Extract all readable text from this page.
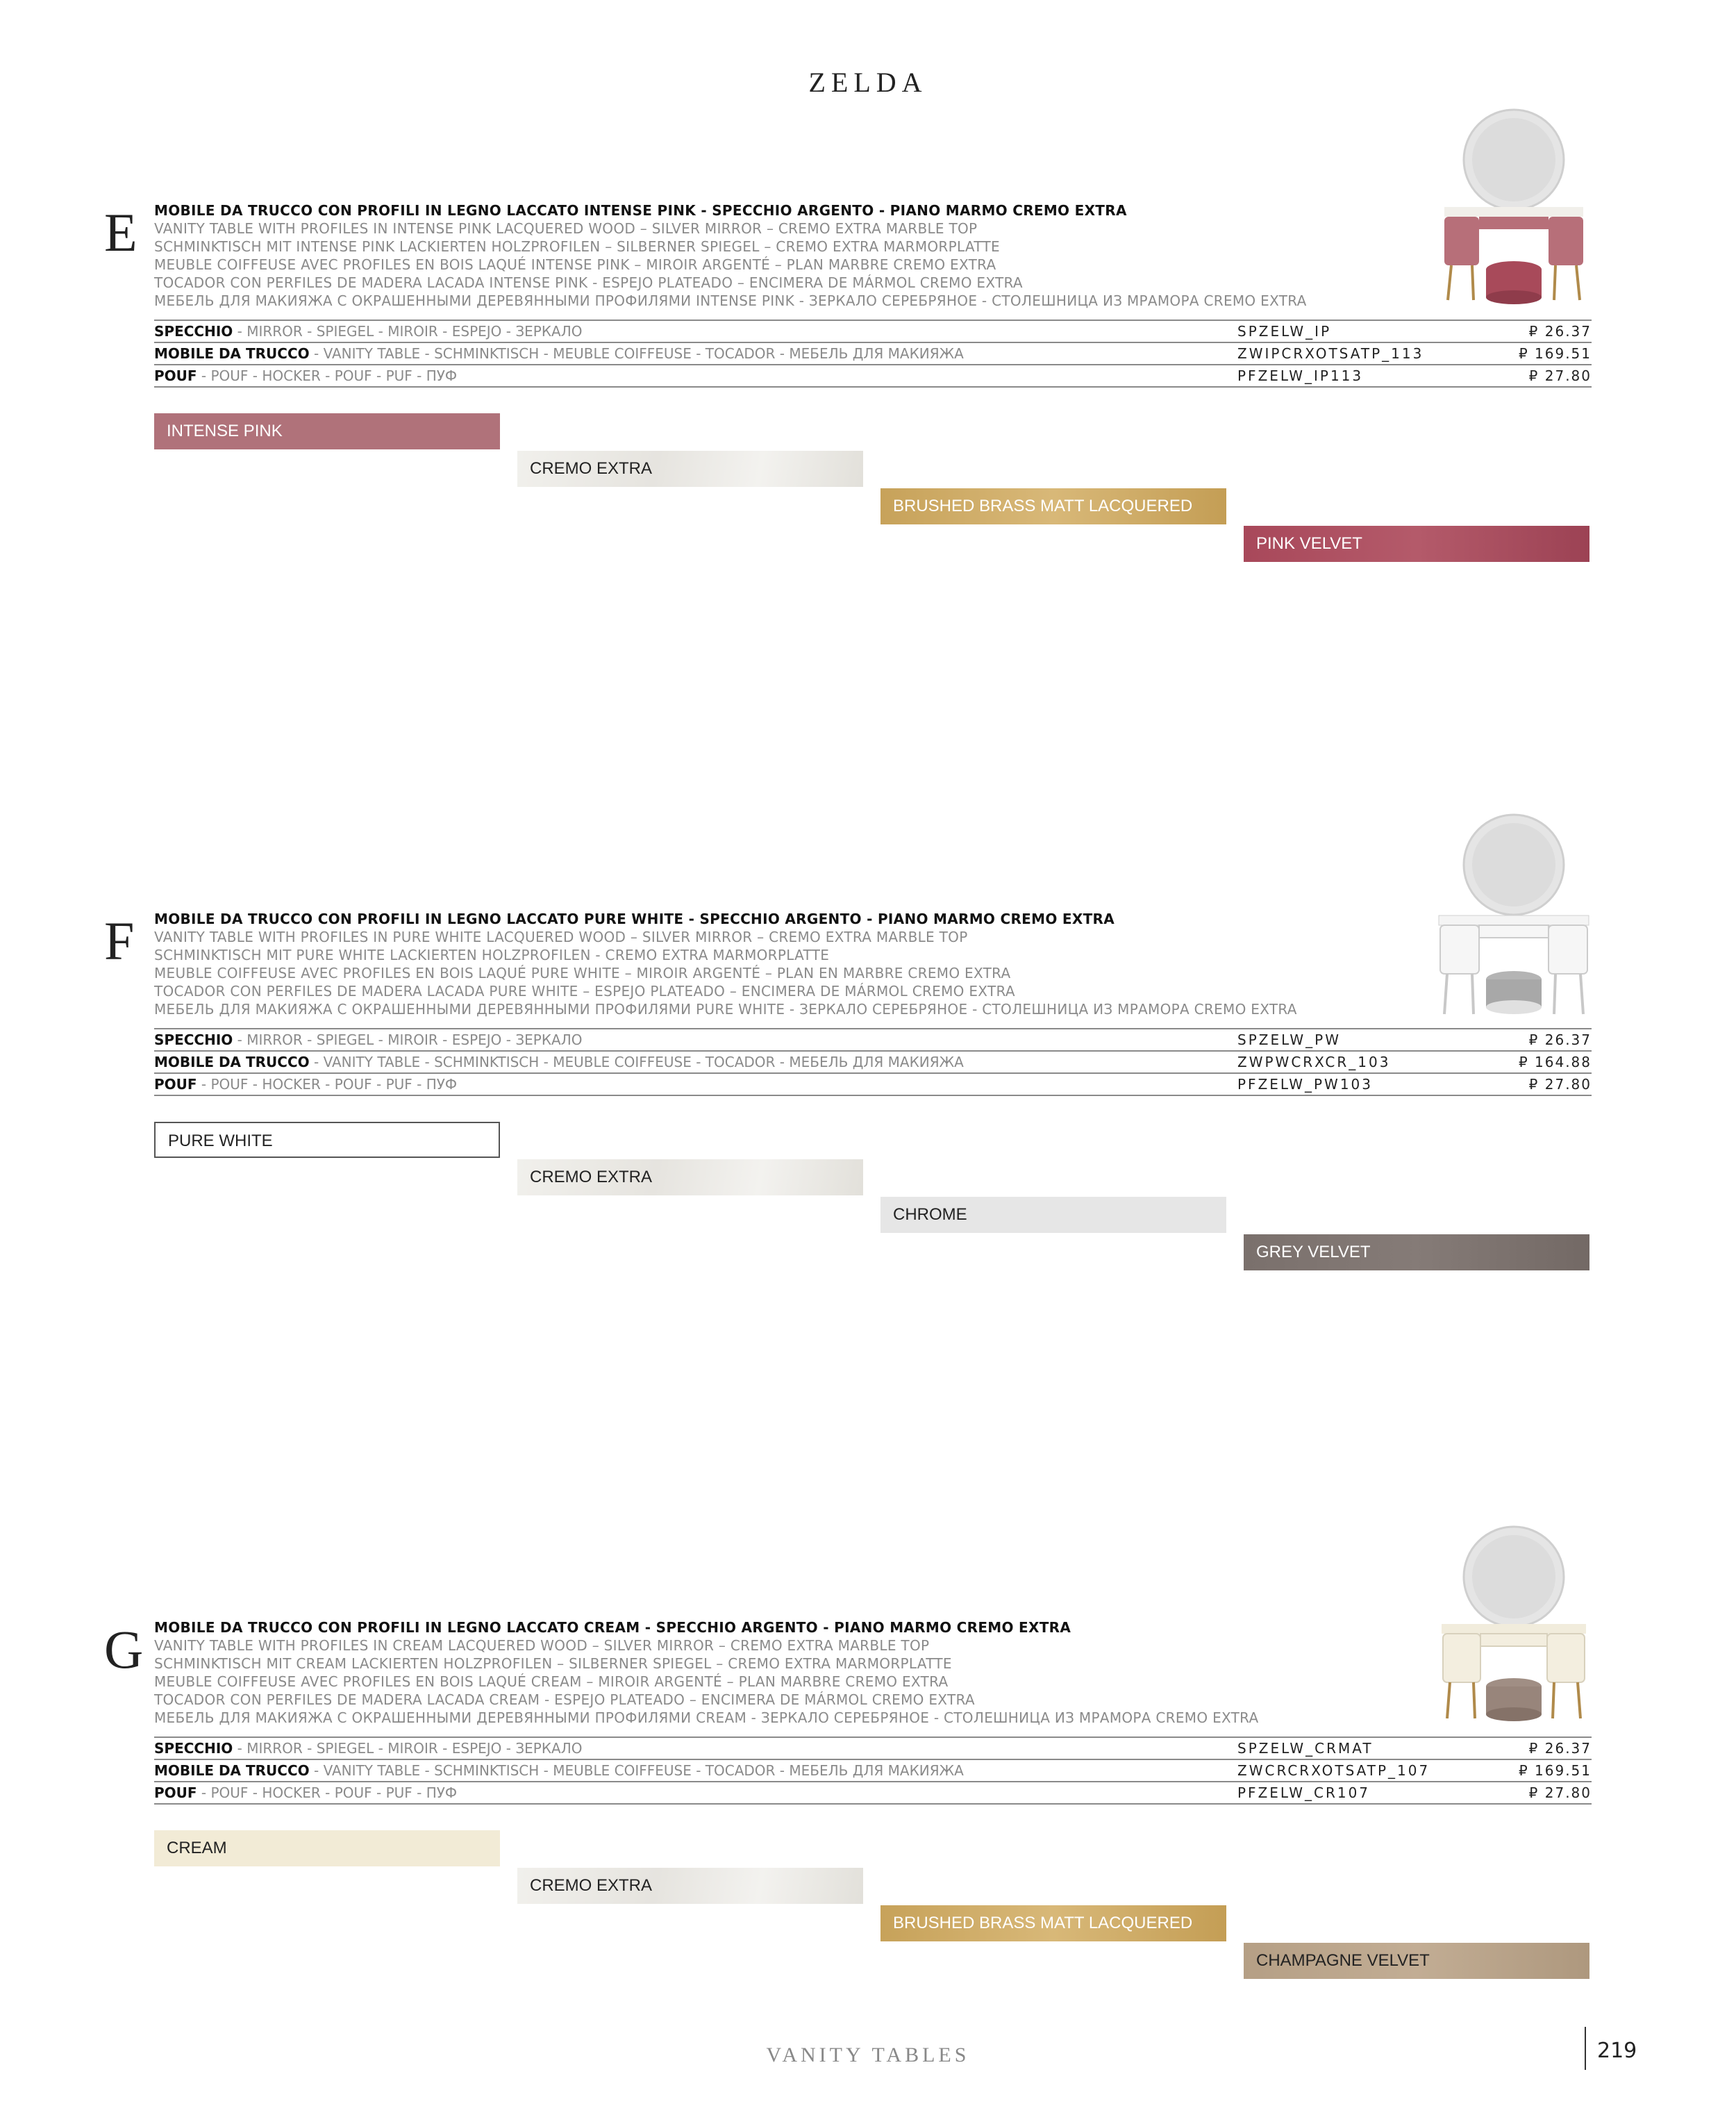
ZELDA
E	MOBILE DA TRUCCO CON PROFILI IN LEGNO LACCATO INTENSE PINK - SPECCHIO ARGENTO - PIANO MARMO CREMO EXTRA
VANITY TABLE WITH PROFILES IN INTENSE PINK LACQUERED WOOD – SILVER MIRROR – CREMO EXTRA MARBLE TOP
SCHMINKTISCH MIT INTENSE PINK LACKIERTEN HOLZPROFILEN – SILBERNER SPIEGEL – CREMO EXTRA MARMORPLATTE
MEUBLE COIFFEUSE AVEC PROFILES EN BOIS LAQUÉ INTENSE PINK – MIROIR ARGENTÉ – PLAN MARBRE CREMO EXTRA
TOCADOR CON PERFILES DE MADERA LACADA INTENSE PINK - ESPEJO PLATEADO – ENCIMERA DE MÁRMOL CREMO EXTRA
МЕБЕЛЬ ДЛЯ МАКИЯЖА С ОКРАШЕННЫМИ ДЕРЕВЯННЫМИ ПРОФИЛЯМИ INTENSE PINK - ЗЕРКАЛО СЕРЕБРЯНОЕ - СТОЛЕШНИЦА ИЗ МРАМОРА CREMO EXTRA
SPECCHIO - MIRROR - SPIEGEL - MIROIR - ESPEJO - ЗЕРКАЛО	SPZELW_IP	₽ 26.37
MOBILE DA TRUCCO - VANITY TABLE - SCHMINKTISCH - MEUBLE COIFFEUSE - TOCADOR - МЕБЕЛЬ ДЛЯ МАКИЯЖА	ZWIPCRXOTSATP_113	₽ 169.51
POUF - POUF - HOCKER - POUF - PUF - ПУФ	PFZELW_IP113	₽ 27.80
INTENSE PINK
CREMO EXTRA
BRUSHED BRASS MATT LACQUERED
PINK VELVET
F	MOBILE DA TRUCCO CON PROFILI IN LEGNO LACCATO PURE WHITE - SPECCHIO ARGENTO - PIANO MARMO CREMO EXTRA
VANITY TABLE WITH PROFILES IN PURE WHITE LACQUERED WOOD – SILVER MIRROR – CREMO EXTRA MARBLE TOP
SCHMINKTISCH MIT PURE WHITE LACKIERTEN HOLZPROFILEN - CREMO EXTRA MARMORPLATTE
MEUBLE COIFFEUSE AVEC PROFILES EN BOIS LAQUÉ PURE WHITE – MIROIR ARGENTÉ – PLAN EN MARBRE CREMO EXTRA
TOCADOR CON PERFILES DE MADERA LACADA PURE WHITE – ESPEJO PLATEADO – ENCIMERA DE MÁRMOL CREMO EXTRA
МЕБЕЛЬ ДЛЯ МАКИЯЖА С ОКРАШЕННЫМИ ДЕРЕВЯННЫМИ ПРОФИЛЯМИ PURE WHITE - ЗЕРКАЛО СЕРЕБРЯНОЕ - СТОЛЕШНИЦА ИЗ МРАМОРА CREMO EXTRA
SPECCHIO - MIRROR - SPIEGEL - MIROIR - ESPEJO - ЗЕРКАЛО	SPZELW_PW	₽ 26.37
MOBILE DA TRUCCO - VANITY TABLE - SCHMINKTISCH - MEUBLE COIFFEUSE - TOCADOR - МЕБЕЛЬ ДЛЯ МАКИЯЖА	ZWPWCRXCR_103	₽ 164.88
POUF - POUF - HOCKER - POUF - PUF - ПУФ	PFZELW_PW103	₽ 27.80
PURE WHITE
CREMO EXTRA
CHROME
GREY VELVET
G MOBILE DA TRUCCO CON PROFILI IN LEGNO LACCATO CREAM - SPECCHIO ARGENTO - PIANO MARMO CREMO EXTRA
VANITY TABLE WITH PROFILES IN CREAM LACQUERED WOOD – SILVER MIRROR – CREMO EXTRA MARBLE TOP
SCHMINKTISCH MIT CREAM LACKIERTEN HOLZPROFILEN – SILBERNER SPIEGEL – CREMO EXTRA MARMORPLATTE
MEUBLE COIFFEUSE AVEC PROFILES EN BOIS LAQUÉ CREAM – MIROIR ARGENTÉ – PLAN MARBRE CREMO EXTRA
TOCADOR CON PERFILES DE MADERA LACADA CREAM - ESPEJO PLATEADO – ENCIMERA DE MÁRMOL CREMO EXTRA
МЕБЕЛЬ ДЛЯ МАКИЯЖА С ОКРАШЕННЫМИ ДЕРЕВЯННЫМИ ПРОФИЛЯМИ CREAM - ЗЕРКАЛО СЕРЕБРЯНОЕ - СТОЛЕШНИЦА ИЗ МРАМОРА CREMO EXTRA
SPECCHIO - MIRROR - SPIEGEL - MIROIR - ESPEJO - ЗЕРКАЛО	SPZELW_CRMAT	₽ 26.37
MOBILE DA TRUCCO - VANITY TABLE - SCHMINKTISCH - MEUBLE COIFFEUSE - TOCADOR - МЕБЕЛЬ ДЛЯ МАКИЯЖА	ZWCRCRXOTSATP_107	₽ 169.51
POUF - POUF - HOCKER - POUF - PUF - ПУФ	PFZELW_CR107	₽ 27.80
CREAM
CREMO EXTRA
BRUSHED BRASS MATT LACQUERED
CHAMPAGNE VELVET
VANITY TABLES	219
